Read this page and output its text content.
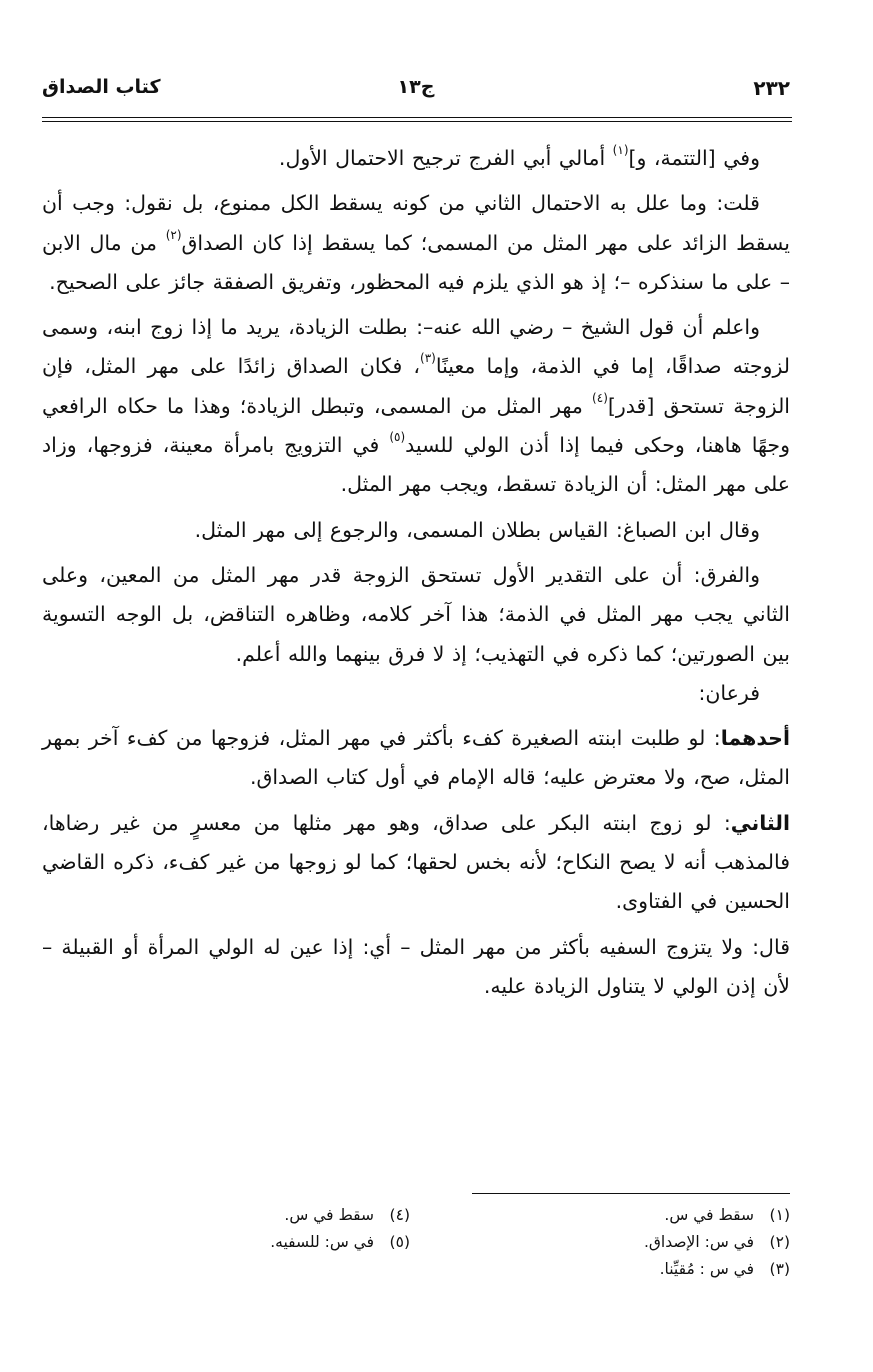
٢٣٢
ج١٣
كتاب الصداق

وفي [التتمة، و]$^{(١)}$ أمالي أبي الفرج ترجيح الاحتمال الأول.

قلت: وما علل به الاحتمال الثاني من كونه يسقط الكل ممنوع، بل نقول: وجب أن يسقط الزائد على مهر المثل من المسمى؛ كما يسقط إذا كان الصداق$^{(٢)}$ من مال الابن – على ما سنذكره –؛ إذ هو الذي يلزم فيه المحظور، وتفريق الصفقة جائز على الصحيح.

واعلم أن قول الشيخ – رضي الله عنه–: بطلت الزيادة، يريد ما إذا زوج ابنه، وسمى لزوجته صداقًا، إما في الذمة، وإما معينًا$^{(٣)}$، فكان الصداق زائدًا على مهر المثل، فإن الزوجة تستحق [قدر]$^{(٤)}$ مهر المثل من المسمى، وتبطل الزيادة؛ وهذا ما حكاه الرافعي وجهًا هاهنا، وحكى فيما إذا أذن الولي للسيد$^{(٥)}$ في التزويج بامرأة معينة، فزوجها، وزاد على مهر المثل: أن الزيادة تسقط، ويجب مهر المثل.

وقال ابن الصباغ: القياس بطلان المسمى، والرجوع إلى مهر المثل.

والفرق: أن على التقدير الأول تستحق الزوجة قدر مهر المثل من المعين، وعلى الثاني يجب مهر المثل في الذمة؛ هذا آخر كلامه، وظاهره التناقض، بل الوجه التسوية بين الصورتين؛ كما ذكره في التهذيب؛ إذ لا فرق بينهما والله أعلم.

فرعان:

أحدهما: لو طلبت ابنته الصغيرة كفء بأكثر في مهر المثل، فزوجها من كفء آخر بمهر المثل، صح، ولا معترض عليه؛ قاله الإمام في أول كتاب الصداق.

الثاني: لو زوج ابنته البكر على صداق، وهو مهر مثلها من معسرٍ من غير رضاها، فالمذهب أنه لا يصح النكاح؛ لأنه بخس لحقها؛ كما لو زوجها من غير كفء، ذكره القاضي الحسين في الفتاوى.

قال: ولا يتزوج السفيه بأكثر من مهر المثل – أي: إذا عين له الولي المرأة أو القبيلة – لأن إذن الولي لا يتناول الزيادة عليه.

(١)سقط في س.
(٢)في س: الإصداق.
(٣)في س : مُقيِّنا.
(٤)سقط في س.
(٥)في س: للسفيه.
